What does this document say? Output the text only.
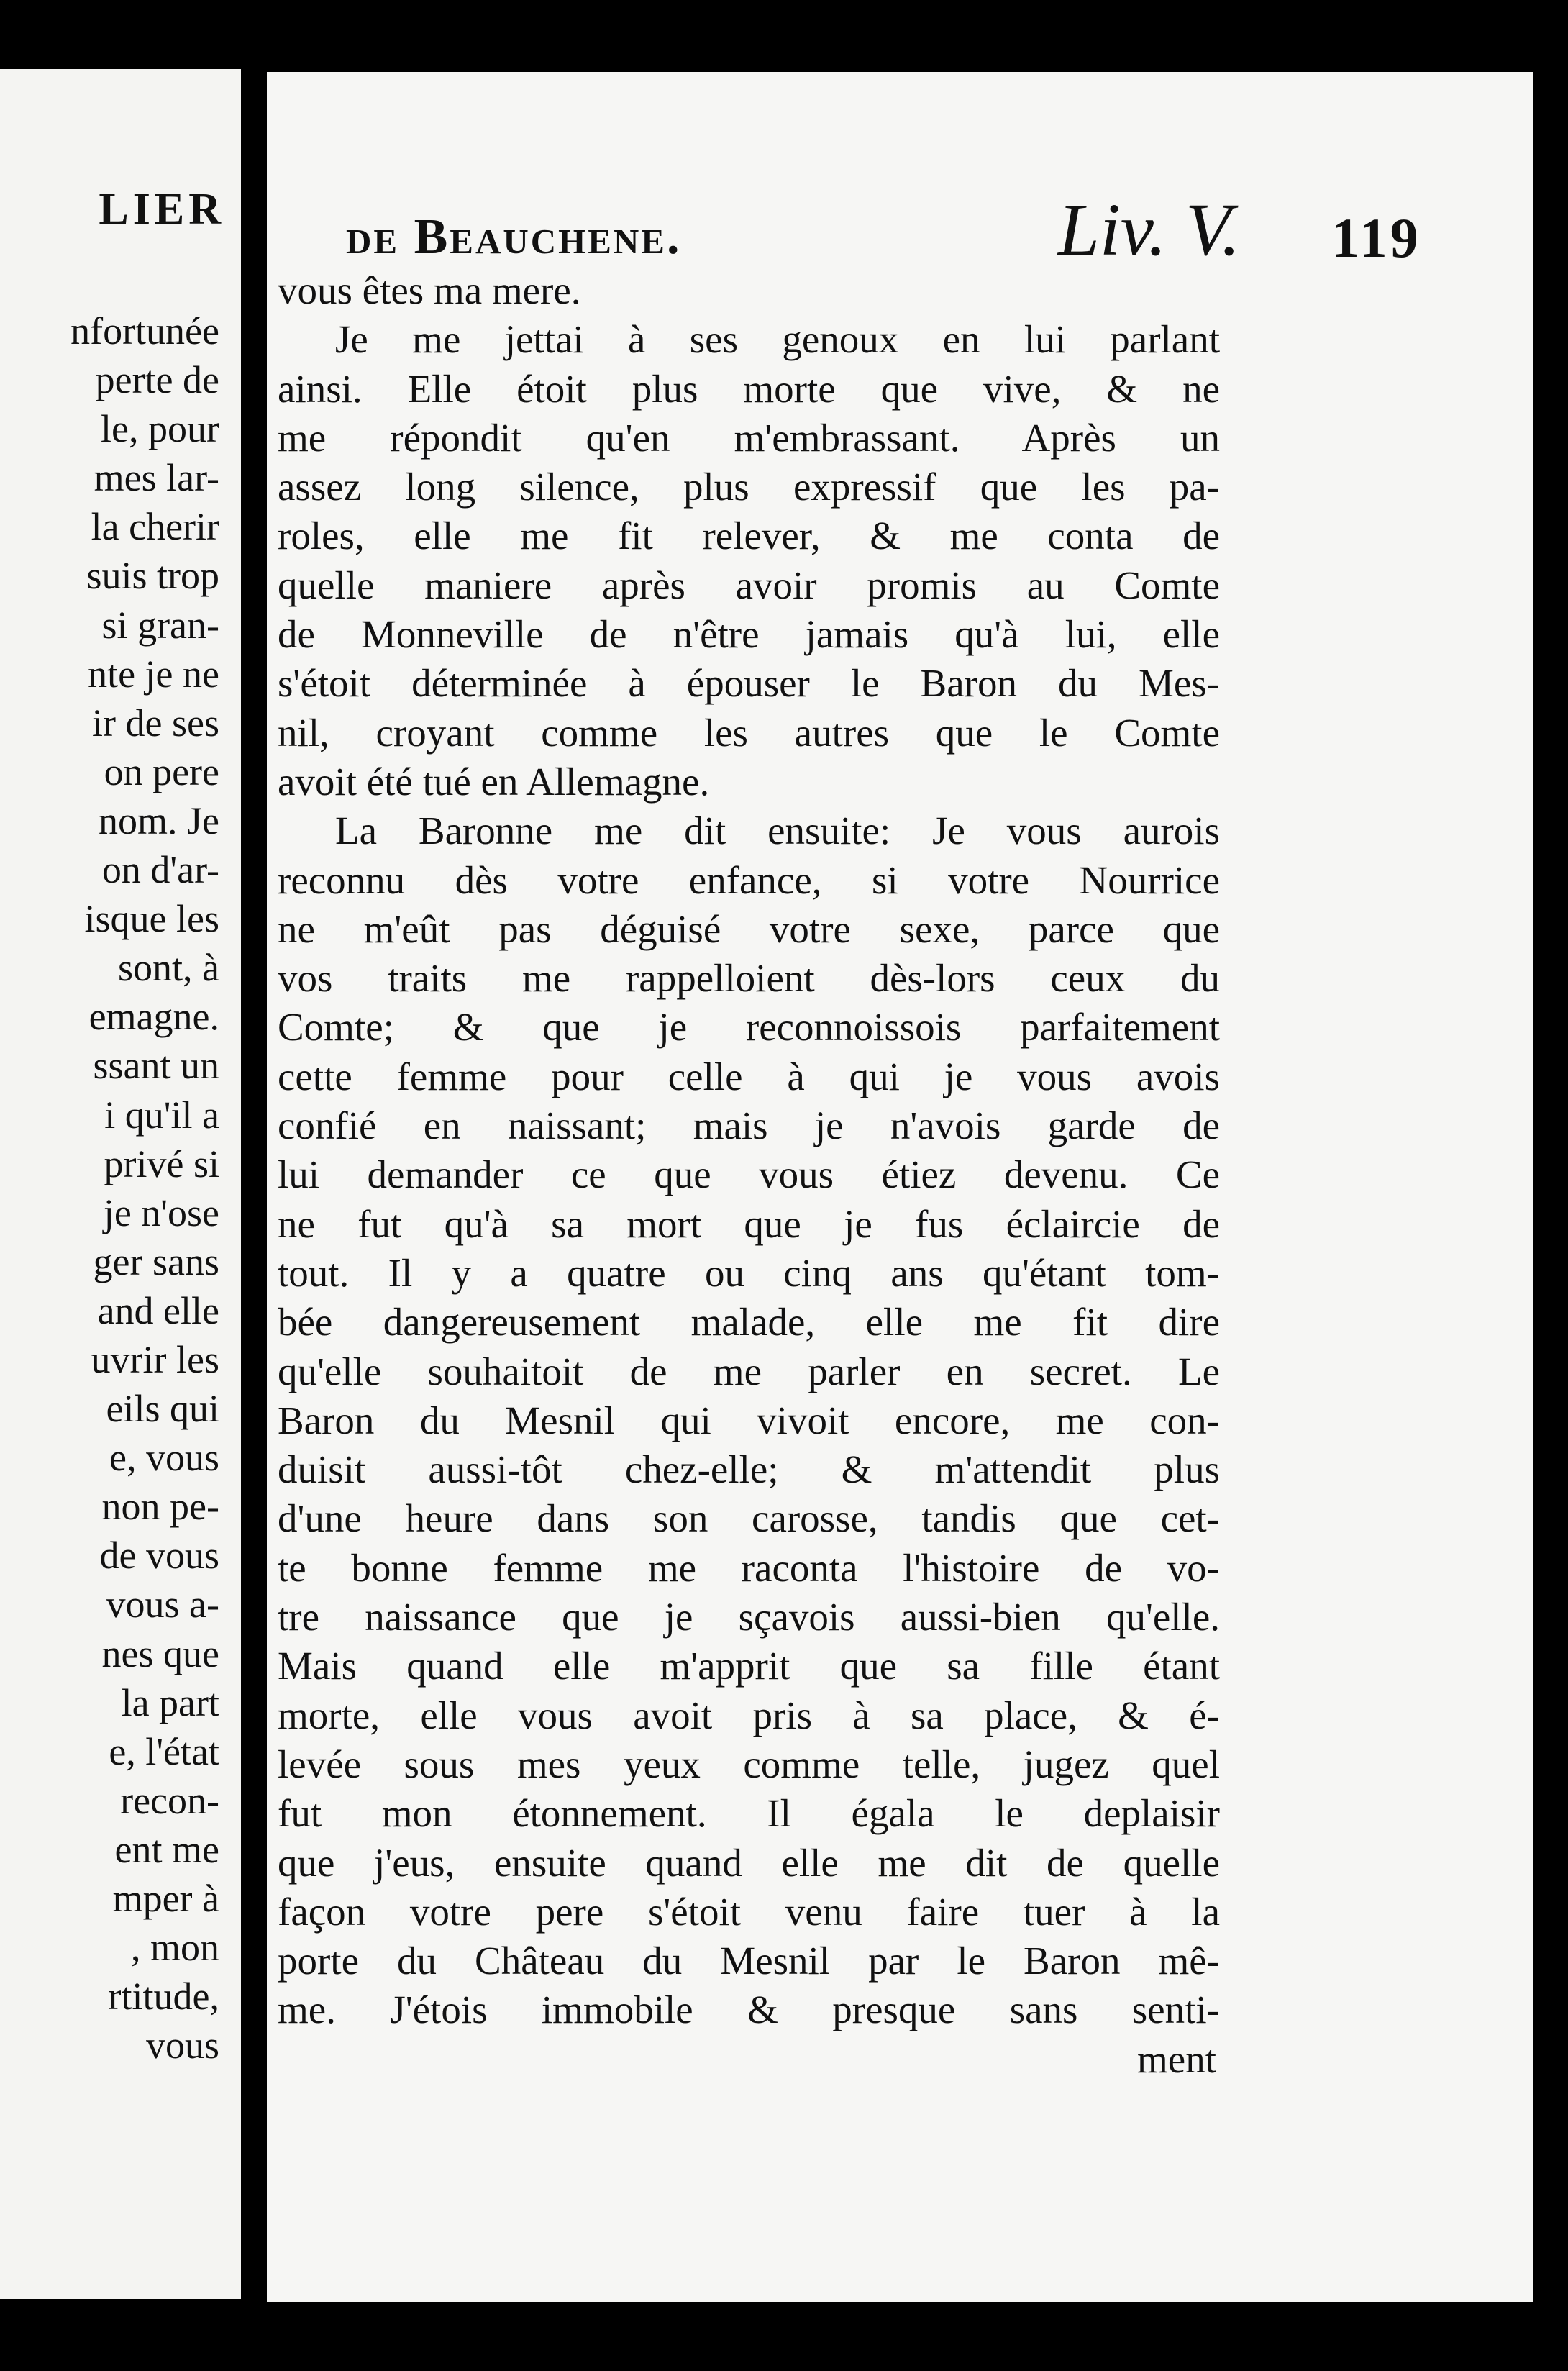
LIER
nfortunée
perte de
le, pour
mes lar-
la cherir
suis trop
si gran-
nte je ne
ir de ses
on pere
nom. Je
on d'ar-
isque les
sont, à
emagne.
ssant un
i qu'il a
privé si
je n'ose
ger sans
and elle
uvrir les
eils qui
e, vous
non pe-
de vous
vous a-
nes que
la part
e, l'état
recon-
ent me
mper à
, mon
rtitude,
vous
de Beauchene.	Liv. V. 119
vous êtes ma mere.
Je me jettai à ses genoux en lui parlant
ainsi. Elle étoit plus morte que vive, & ne
me répondit qu'en m'embrassant. Après un
assez long silence, plus expressif que les pa-
roles, elle me fit relever, & me conta de
quelle maniere après avoir promis au Comte
de Monneville de n'être jamais qu'à lui, elle
s'étoit déterminée à épouser le Baron du Mes-
nil, croyant comme les autres que le Comte
avoit été tué en Allemagne.
La Baronne me dit ensuite: Je vous aurois
reconnu dès votre enfance, si votre Nourrice
ne m'eût pas déguisé votre sexe, parce que
vos traits me rappelloient dès-lors ceux du
Comte; & que je reconnoissois parfaitement
cette femme pour celle à qui je vous avois
confié en naissant; mais je n'avois garde de
lui demander ce que vous étiez devenu. Ce
ne fut qu'à sa mort que je fus éclaircie de
tout. Il y a quatre ou cinq ans qu'étant tom-
bée dangereusement malade, elle me fit dire
qu'elle souhaitoit de me parler en secret. Le
Baron du Mesnil qui vivoit encore, me con-
duisit aussi-tôt chez-elle; & m'attendit plus
d'une heure dans son carosse, tandis que cet-
te bonne femme me raconta l'histoire de vo-
tre naissance que je sçavois aussi-bien qu'elle.
Mais quand elle m'apprit que sa fille étant
morte, elle vous avoit pris à sa place, & é-
levée sous mes yeux comme telle, jugez quel
fut mon étonnement. Il égala le deplaisir
que j'eus, ensuite quand elle me dit de quelle
façon votre pere s'étoit venu faire tuer à la
porte du Château du Mesnil par le Baron mê-
me. J'étois immobile & presque sans senti-
ment
